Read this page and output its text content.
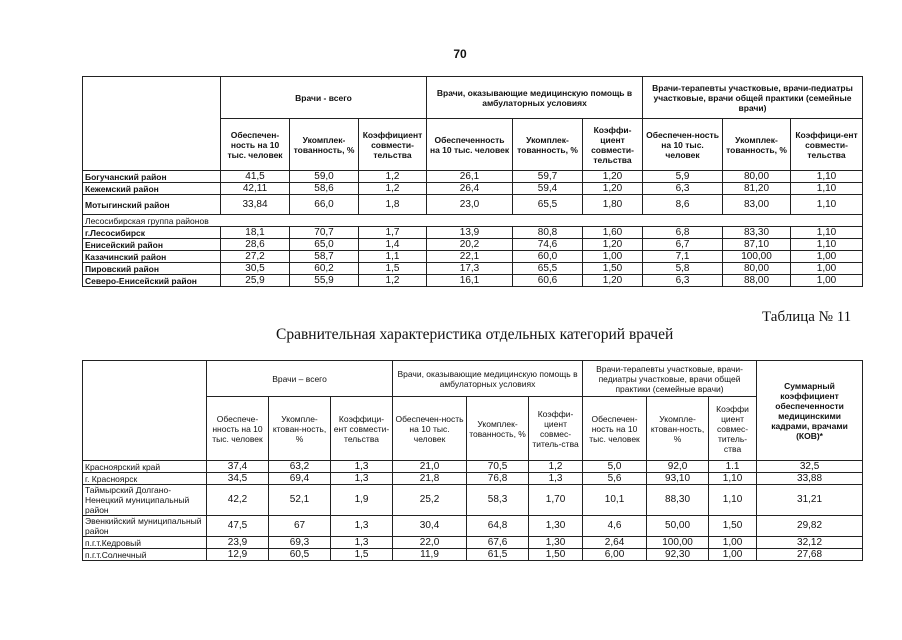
70
	Врачи - всего			Врачи, оказывающие медицинскую помощь в амбулаторных условиях			Врачи-терапевты участковые, врачи-педиатры участковые, врачи общей практики (семейные врачи)		
	Обеспечен-ность на 10 тыс. человек	Укомплек-тованность, %	Коэффициент совмести-тельства	Обеспеченность на 10 тыс. человек	Укомплек-тованность, %	Коэффи-циент совмести-тельства	Обеспечен-ность на 10 тыс. человек	Укомплек-тованность, %	Коэффици-ент совмести-тельства
Богучанский район	41,5	59,0	1,2	26,1	59,7	1,20	5,9	80,00	1,10
Кежемский район	42,11	58,6	1,2	26,4	59,4	1,20	6,3	81,20	1,10
Мотыгинский район	33,84	66,0	1,8	23,0	65,5	1,80	8,6	83,00	1,10
Лесосибирская группа районов									
г.Лесосибирск	18,1	70,7	1,7	13,9	80,8	1,60	6,8	83,30	1,10
Енисейский район	28,6	65,0	1,4	20,2	74,6	1,20	6,7	87,10	1,10
Казачинский район	27,2	58,7	1,1	22,1	60,0	1,00	7,1	100,00	1,00
Пировский район	30,5	60,2	1,5	17,3	65,5	1,50	5,8	80,00	1,00
Северо-Енисейский район	25,9	55,9	1,2	16,1	60,6	1,20	6,3	88,00	1,00
Таблица № 11
Сравнительная характеристика отдельных категорий врачей
	Врачи – всего			Врачи, оказывающие медицинскую помощь в амбулаторных условиях			Врачи-терапевты участковые, врачи-педиатры участковые, врачи общей практики (семейные врачи)			Суммарный коэффициент обеспеченности медицинскими кадрами, врачами (КОВ)*
	Обеспече-нность на 10 тыс. человек	Укомплe-ктован-ность, %	Коэффици-ент совмести-тельства	Обеспечен-ность на 10 тыс. человек	Укомплек-тованность, %	Коэффи-циент совмес-титель-ства	Обеспечен-ность на 10 тыс. человек	Укомпле-ктован-ность, %	Коэффи циент совмес-титель-ства	
Красноярский край	37,4	63,2	1,3	21,0	70,5	1,2	5,0	92,0	1.1	32,5
г. Красноярск	34,5	69,4	1,3	21,8	76,8	1,3	5,6	93,10	1,10	33,88
Таймырский Долгано-Ненецкий муниципальный район	42,2	52,1	1,9	25,2	58,3	1,70	10,1	88,30	1,10	31,21
Эвенкийский муниципальный район	47,5	67	1,3	30,4	64,8	1,30	4,6	50,00	1,50	29,82
п.г.т.Кедровый	23,9	69,3	1,3	22,0	67,6	1,30	2,64	100,00	1,00	32,12
п.г.т.Солнечный	12,9	60,5	1,5	11,9	61,5	1,50	6,00	92,30	1,00	27,68
